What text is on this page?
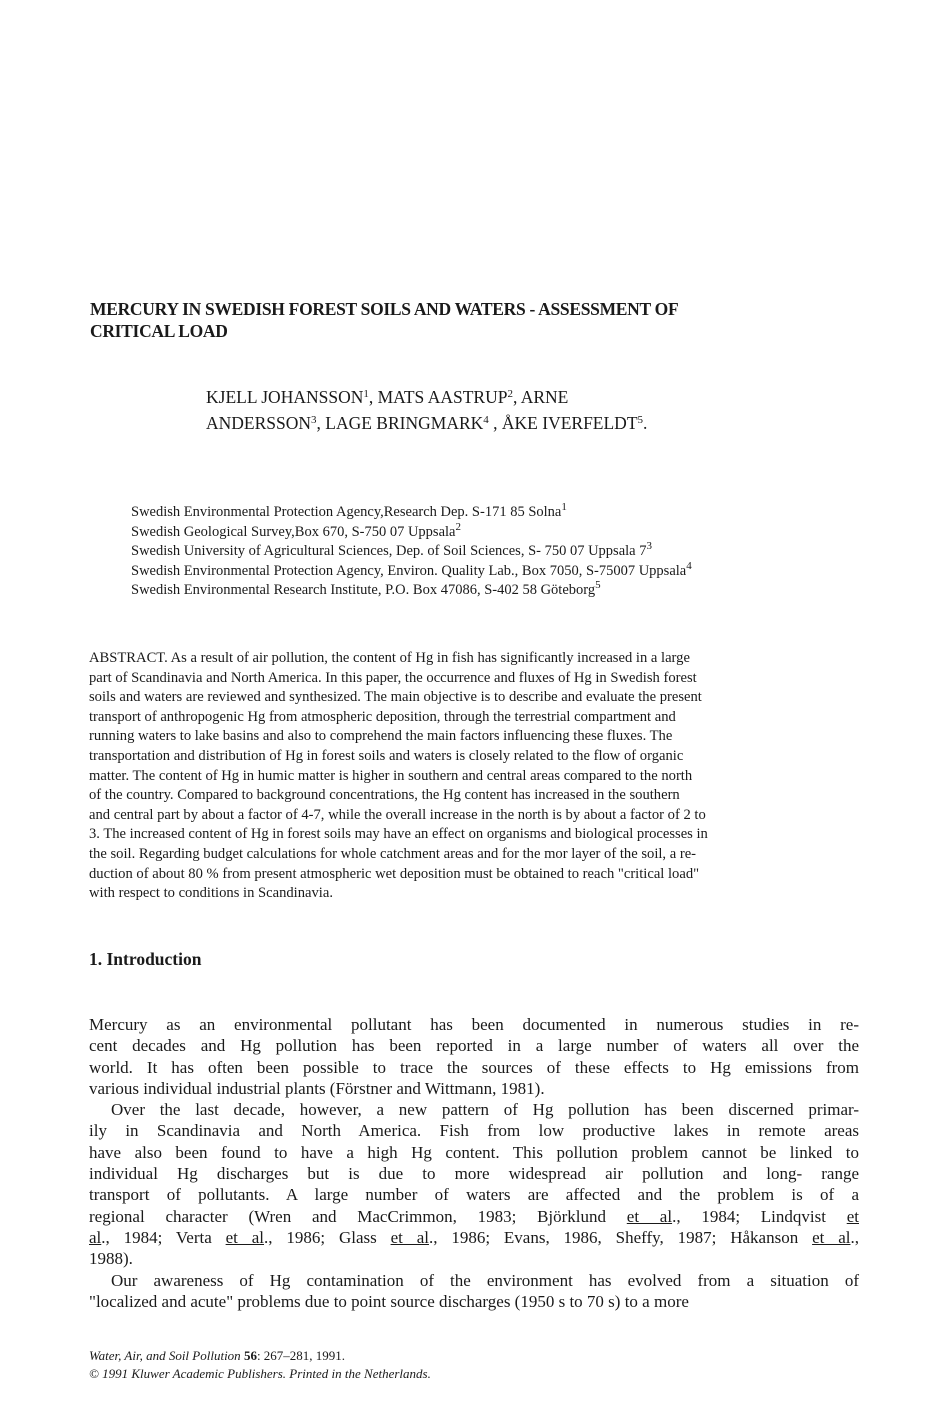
MERCURY IN SWEDISH FOREST SOILS AND WATERS - ASSESSMENT OF
CRITICAL LOAD
KJELL JOHANSSON$^1$, MATS AASTRUP$^2$, ARNE
ANDERSSON$^3$, LAGE BRINGMARK$^4$ , ÅKE IVERFELDT$^5$.
Swedish Environmental Protection Agency,Research Dep. S-171 85 Solna$^1$
Swedish Geological Survey,Box 670, S-750 07 Uppsala$^2$
Swedish University of Agricultural Sciences, Dep. of Soil Sciences, S- 750 07 Uppsala $7^3$
Swedish Environmental Protection Agency, Environ. Quality Lab., Box 7050, S-75007 Uppsala$^4$
Swedish Environmental Research Institute, P.O. Box 47086, S-402 58 Göteborg$^5$
ABSTRACT. As a result of air pollution, the content of Hg in fish has significantly increased in a large
part of Scandinavia and North America. In this paper, the occurrence and fluxes of Hg in Swedish forest
soils and waters are reviewed and synthesized. The main objective is to describe and evaluate the present
transport of anthropogenic Hg from atmospheric deposition, through the terrestrial compartment and
running waters to lake basins and also to comprehend the main factors influencing these fluxes. The
transportation and distribution of Hg in forest soils and waters is closely related to the flow of organic
matter. The content of Hg in humic matter is higher in southern and central areas compared to the north
of the country. Compared to background concentrations, the Hg content has increased in the southern
and central part by about a factor of 4-7, while the overall increase in the north is by about a factor of 2 to
3. The increased content of Hg in forest soils may have an effect on organisms and biological processes in
the soil. Regarding budget calculations for whole catchment areas and for the mor layer of the soil, a re-
duction of about 80 % from present atmospheric wet deposition must be obtained to reach "critical load"
with respect to conditions in Scandinavia.
1. Introduction
Mercury as an environmental pollutant has been documented in numerous studies in re-
cent decades and Hg pollution has been reported in a large number of waters all over the
world. It has often been possible to trace the sources of these effects to Hg emissions from
various individual industrial plants (Förstner and Wittmann, 1981).
Over the last decade, however, a new pattern of Hg pollution has been discerned primar-
ily in Scandinavia and North America. Fish from low productive lakes in remote areas
have also been found to have a high Hg content. This pollution problem cannot be linked to
individual Hg discharges but is due to more widespread air pollution and long- range
transport of pollutants. A large number of waters are affected and the problem is of a
regional character (Wren and MacCrimmon, 1983; Björklund et al., 1984; Lindqvist et
al., 1984; Verta et al., 1986; Glass et al., 1986; Evans, 1986, Sheffy, 1987; Håkanson et al.,
1988).
Our awareness of Hg contamination of the environment has evolved from a situation of
"localized and acute" problems due to point source discharges (1950 s to 70 s) to a more
Water, Air, and Soil Pollution 56: 267–281, 1991.
© 1991 Kluwer Academic Publishers. Printed in the Netherlands.
